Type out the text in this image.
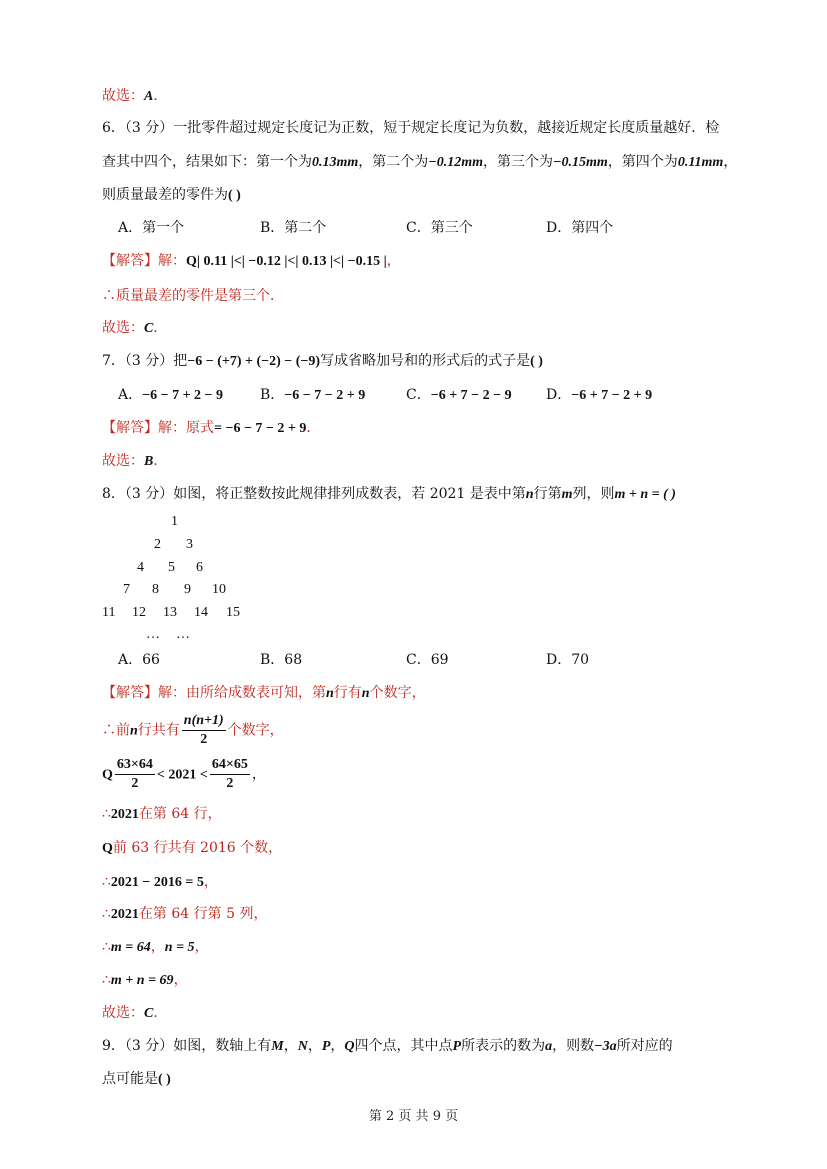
故选：A．
6．（3 分）一批零件超过规定长度记为正数，短于规定长度记为负数，越接近规定长度质量越好．检
查其中四个，结果如下：第一个为0.13mm，第二个为−0.12mm，第三个为−0.15mm，第四个为0.11mm，
则质量最差的零件为( )
A．第一个	B．第二个	C．第三个	D．第四个
【解答】解：Q| 0.11 |<| −0.12 |<| 0.13 |<| −0.15 |，
∴质量最差的零件是第三个．
故选：C．
7．（3 分）把−6 − (+7) + (−2) − (−9)写成省略加号和的形式后的式子是( )
A．−6 − 7 + 2 − 9	B．−6 − 7 − 2 + 9	C．−6 + 7 − 2 − 9 D．−6 + 7 − 2 + 9
【解答】解：原式= −6 − 7 − 2 + 9．
故选：B．
8．（3 分）如图，将正整数按此规律排列成数表，若 2021 是表中第n行第m列，则m + n = ( )
1
2 3
4 5 6
7 8 9 10
11 12 13 14 15
… …
A．66	B．68	C．69	D．70
【解答】解：由所给成数表可知，第n行有n个数字，
∴前n行共有 $\frac{n(n+1)}{2}$ 个数字，
Q $\frac{63\times 64}{2} < 2021 < \frac{64\times 65}{2}$ ，
∴2021在第 64 行，
Q前 63 行共有 2016 个数，
∴2021 − 2016 = 5，
∴2021在第 64 行第 5 列，
∴m = 64，n = 5，
∴m + n = 69，
故选：C．
9．（3 分）如图，数轴上有M，N，P，Q四个点，其中点P所表示的数为a，则数−3a所对应的
点可能是( )
第 2 页 共 9 页
